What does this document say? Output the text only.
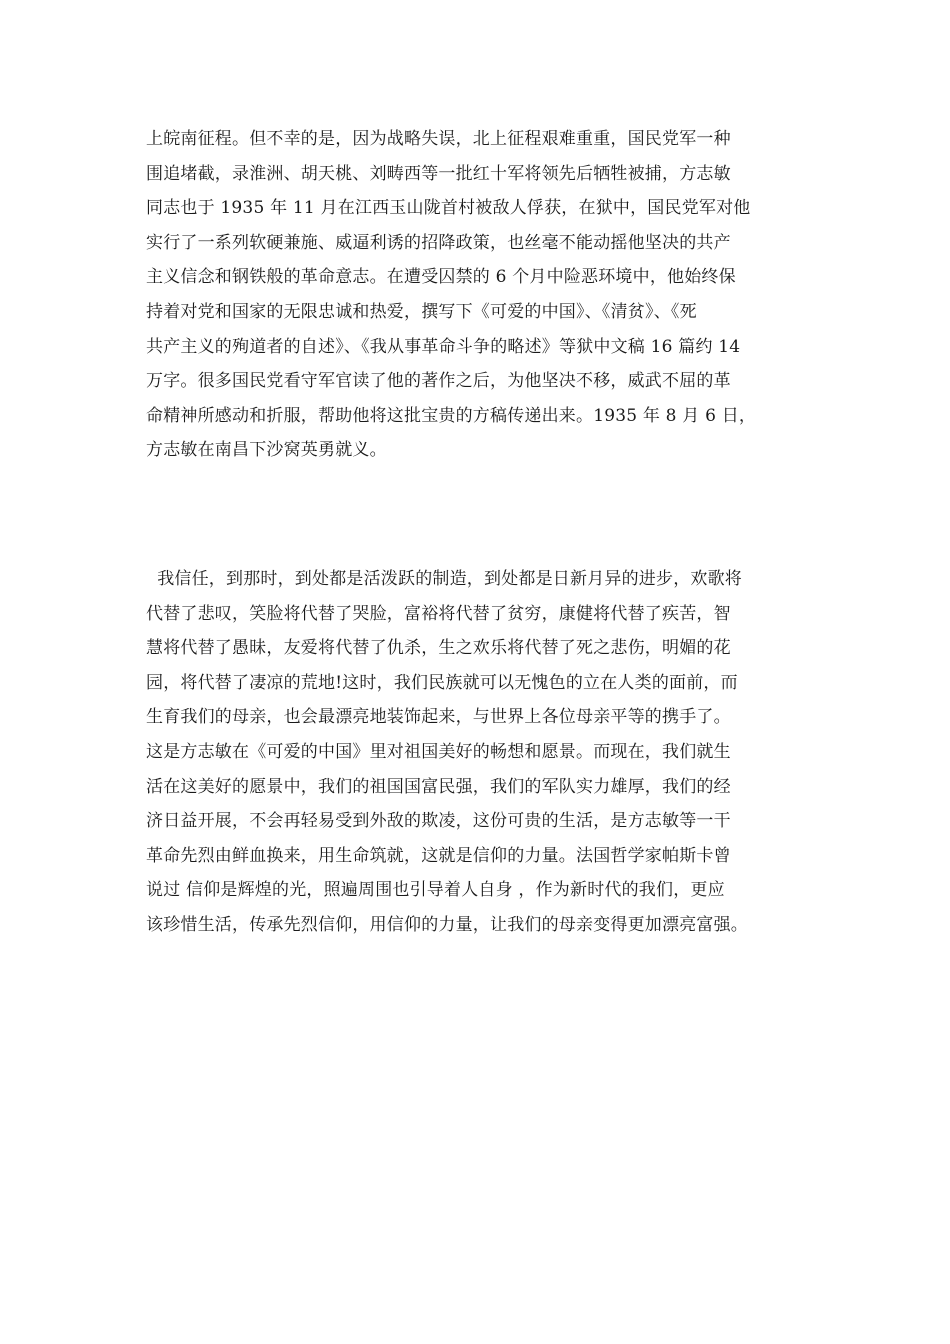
上皖南征程。但不幸的是，因为战略失误，北上征程艰难重重，国民党军一种
围追堵截，录淮洲、胡天桃、刘畴西等一批红十军将领先后牺牲被捕，方志敏
同志也于 1935 年 11 月在江西玉山陇首村被敌人俘获，在狱中，国民党军对他
实行了一系列软硬兼施、威逼利诱的招降政策，也丝毫不能动摇他坚决的共产
主义信念和钢铁般的革命意志。在遭受囚禁的 6 个月中险恶环境中，他始终保
持着对党和国家的无限忠诚和热爱，撰写下《可爱的中国》、《清贫》、《死
共产主义的殉道者的自述》、《我从事革命斗争的略述》等狱中文稿 16 篇约 14
万字。很多国民党看守军官读了他的著作之后，为他坚决不移，威武不屈的革
命精神所感动和折服，帮助他将这批宝贵的方稿传递出来。1935 年 8 月 6 日，
方志敏在南昌下沙窝英勇就义。
我信任，到那时，到处都是活泼跃的制造，到处都是日新月异的进步，欢歌将
代替了悲叹，笑脸将代替了哭脸，富裕将代替了贫穷，康健将代替了疾苦，智
慧将代替了愚昧，友爱将代替了仇杀，生之欢乐将代替了死之悲伤，明媚的花
园，将代替了凄凉的荒地!这时，我们民族就可以无愧色的立在人类的面前，而
生育我们的母亲，也会最漂亮地装饰起来，与世界上各位母亲平等的携手了。
这是方志敏在《可爱的中国》里对祖国美好的畅想和愿景。而现在，我们就生
活在这美好的愿景中，我们的祖国国富民强，我们的军队实力雄厚，我们的经
济日益开展，不会再轻易受到外敌的欺凌，这份可贵的生活，是方志敏等一干
革命先烈由鲜血换来，用生命筑就，这就是信仰的力量。法国哲学家帕斯卡曾
说过 信仰是辉煌的光，照遍周围也引导着人自身 ，作为新时代的我们，更应
该珍惜生活，传承先烈信仰，用信仰的力量，让我们的母亲变得更加漂亮富强。
